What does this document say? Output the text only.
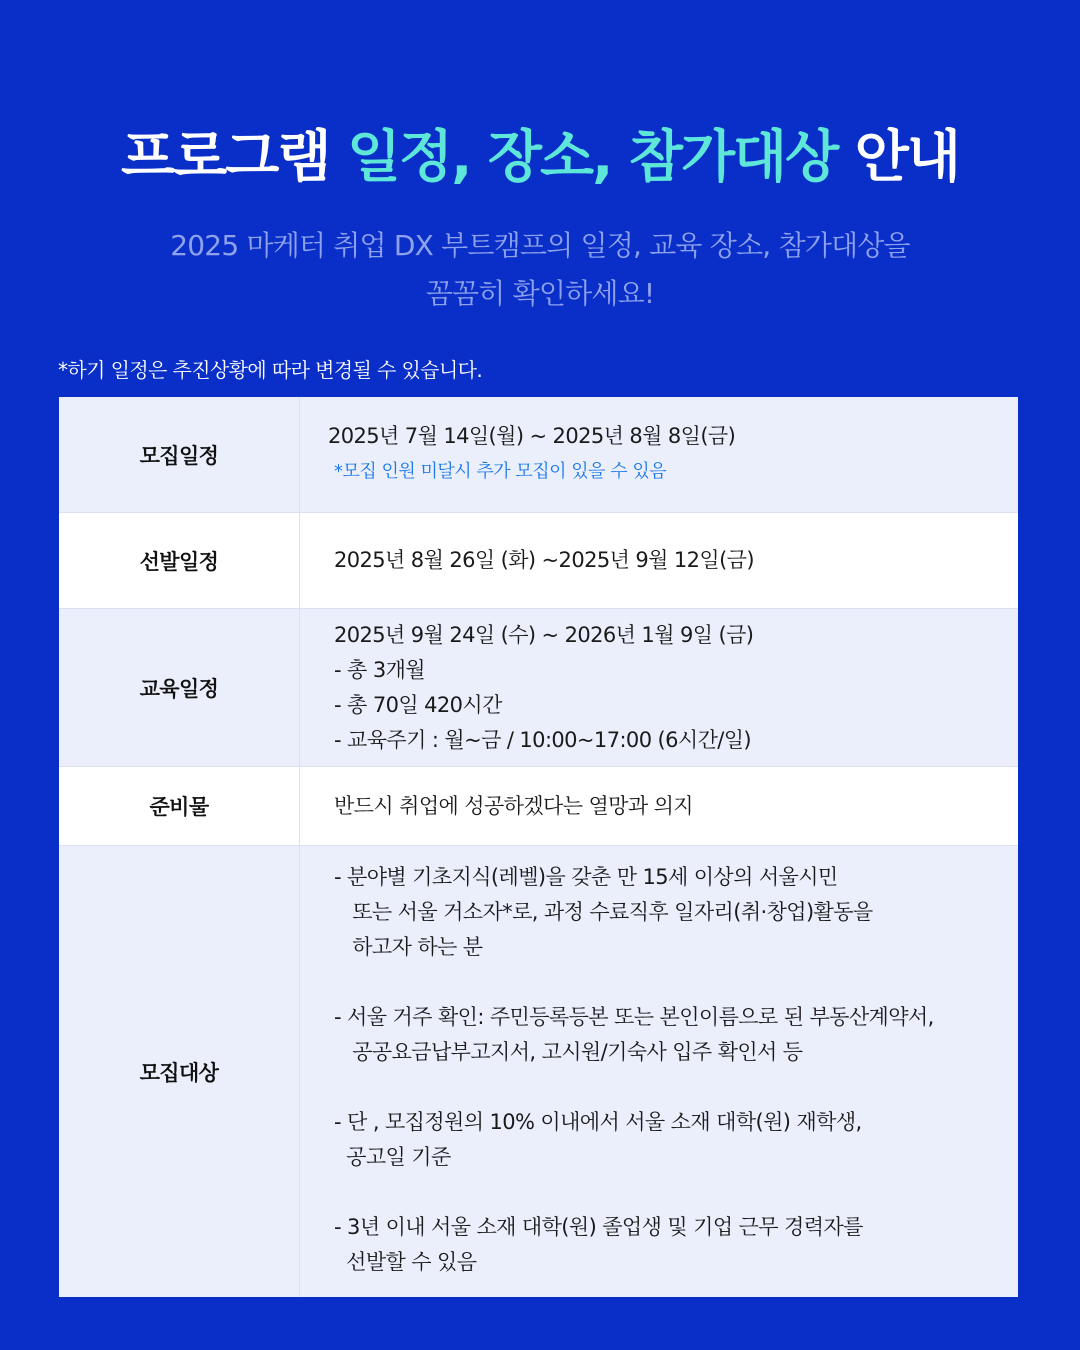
프로그램 일정, 장소, 참가대상 안내
2025 마케터 취업 DX 부트캠프의 일정, 교육 장소, 참가대상을
꼼꼼히 확인하세요!
*하기 일정은 추진상황에 따라 변경될 수 있습니다.
모집일정
2025년 7월 14일(월) ~ 2025년 8월 8일(금)
*모집 인원 미달시 추가 모집이 있을 수 있음
선발일정	2025년 8월 26일 (화) ~2025년 9월 12일(금)
교육일정
2025년 9월 24일 (수) ~ 2026년 1월 9일 (금)
- 총 3개월
- 총 70일 420시간
- 교육주기 : 월~금 / 10:00~17:00 (6시간/일)
준비물	반드시 취업에 성공하겠다는 열망과 의지
모집대상
- 분야별 기초지식(레벨)을 갖춘 만 15세 이상의 서울시민
또는 서울 거소자*로, 과정 수료직후 일자리(취·창업)활동을
하고자 하는 분
- 서울 거주 확인: 주민등록등본 또는 본인이름으로 된 부동산계약서,
공공요금납부고지서, 고시원/기숙사 입주 확인서 등
- 단 , 모집정원의 10% 이내에서 서울 소재 대학(원) 재학생,
공고일 기준
- 3년 이내 서울 소재 대학(원) 졸업생 및 기업 근무 경력자를
선발할 수 있음
